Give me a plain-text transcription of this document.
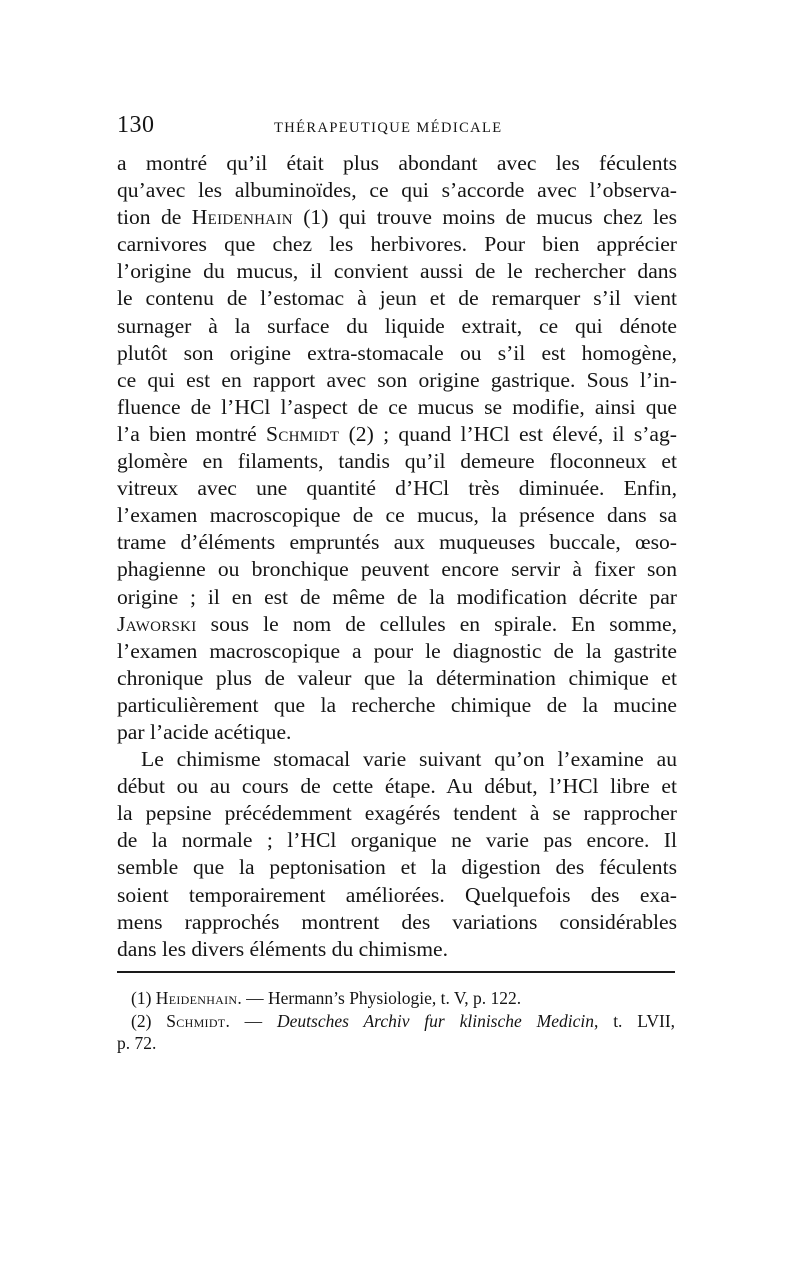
130	THÉRAPEUTIQUE MÉDICALE
a montré qu’il était plus abondant avec les féculents
qu’avec les albuminoïdes, ce qui s’accorde avec l’observa-
tion de Heidenhain (1) qui trouve moins de mucus chez les
carnivores que chez les herbivores. Pour bien apprécier
l’origine du mucus, il convient aussi de le rechercher dans
le contenu de l’estomac à jeun et de remarquer s’il vient
surnager à la surface du liquide extrait, ce qui dénote
plutôt son origine extra-stomacale ou s’il est homogène,
ce qui est en rapport avec son origine gastrique. Sous l’in-
fluence de l’HCl l’aspect de ce mucus se modifie, ainsi que
l’a bien montré Schmidt (2) ; quand l’HCl est élevé, il s’ag-
glomère en filaments, tandis qu’il demeure floconneux et
vitreux avec une quantité d’HCl très diminuée. Enfin,
l’examen macroscopique de ce mucus, la présence dans sa
trame d’éléments empruntés aux muqueuses buccale, œso-
phagienne ou bronchique peuvent encore servir à fixer son
origine ; il en est de même de la modification décrite par
Jaworski sous le nom de cellules en spirale. En somme,
l’examen macroscopique a pour le diagnostic de la gastrite
chronique plus de valeur que la détermination chimique et
particulièrement que la recherche chimique de la mucine
par l’acide acétique.
Le chimisme stomacal varie suivant qu’on l’examine au
début ou au cours de cette étape. Au début, l’HCl libre et
la pepsine précédemment exagérés tendent à se rapprocher
de la normale ; l’HCl organique ne varie pas encore. Il
semble que la peptonisation et la digestion des féculents
soient temporairement améliorées. Quelquefois des exa-
mens rapprochés montrent des variations considérables
dans les divers éléments du chimisme.
(1) Heidenhain. — Hermann’s Physiologie, t. V, p. 122.
(2) Schmidt. — Deutsches Archiv fur klinische Medicin, t. LVII,
p. 72.
